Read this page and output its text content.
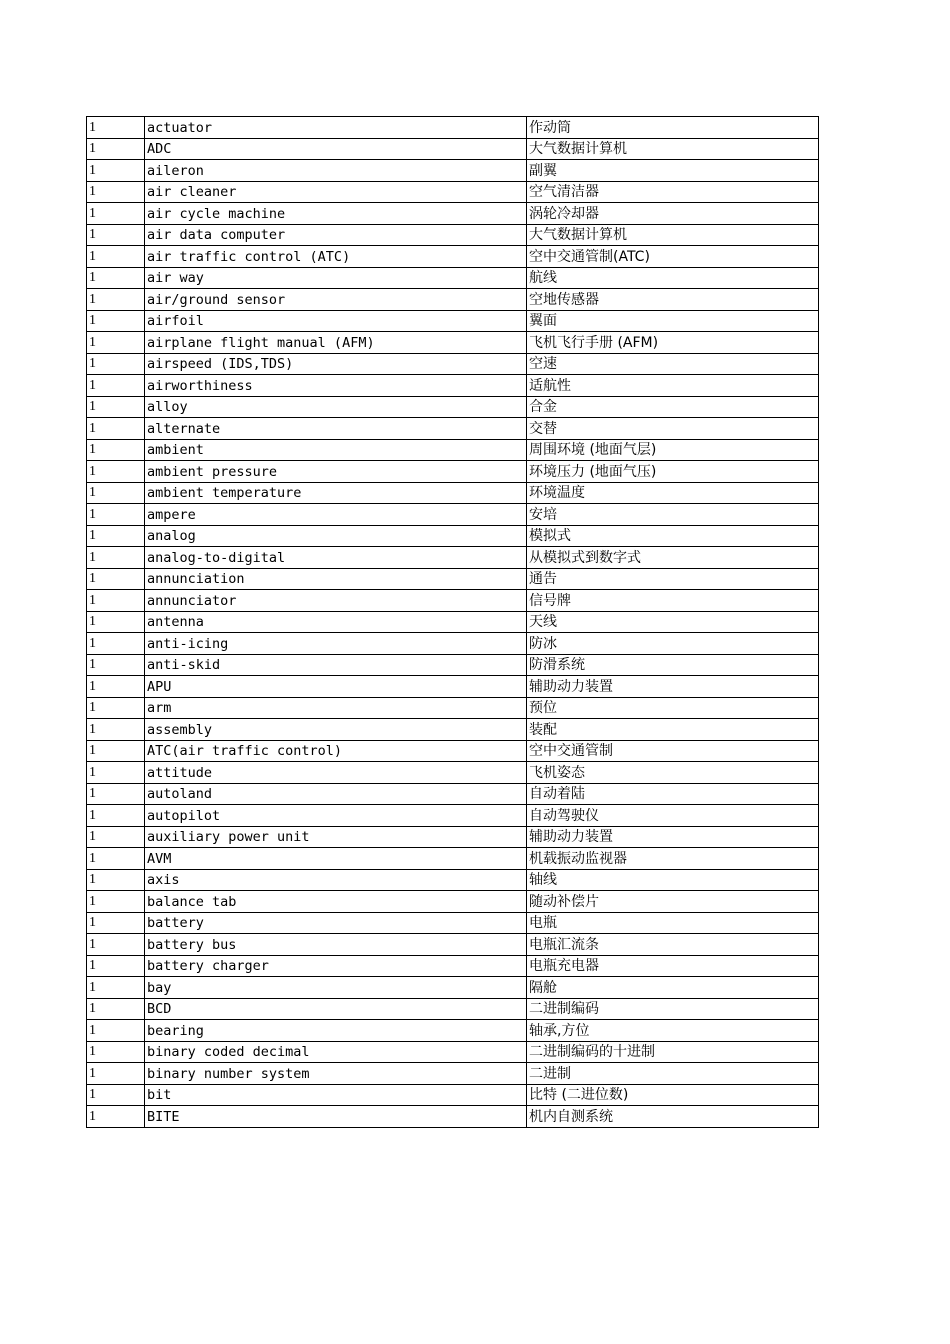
1	actuator	作动筒
1	ADC	大气数据计算机
1	aileron	副翼
1	air cleaner	空气清洁器
1	air cycle machine	涡轮冷却器
1	air data computer	大气数据计算机
1	air traffic control (ATC)	空中交通管制(ATC)
1	air way	航线
1	air/ground sensor	空地传感器
1	airfoil	翼面
1	airplane flight manual (AFM)	飞机飞行手册 (AFM)
1	airspeed (IDS,TDS)	空速
1	airworthiness	适航性
1	alloy	合金
1	alternate	交替
1	ambient	周围环境 (地面气层)
1	ambient pressure	环境压力 (地面气压)
1	ambient temperature	环境温度
1	ampere	安培
1	analog	模拟式
1	analog-to-digital	从模拟式到数字式
1	annunciation	通告
1	annunciator	信号牌
1	antenna	天线
1	anti-icing	防冰
1	anti-skid	防滑系统
1	APU	辅助动力装置
1	arm	预位
1	assembly	装配
1	ATC(air traffic control)	空中交通管制
1	attitude	飞机姿态
1	autoland	自动着陆
1	autopilot	自动驾驶仪
1	auxiliary power unit	辅助动力装置
1	AVM	机载振动监视器
1	axis	轴线
1	balance tab	随动补偿片
1	battery	电瓶
1	battery bus	电瓶汇流条
1	battery charger	电瓶充电器
1	bay	隔舱
1	BCD	二进制编码
1	bearing	轴承,方位
1	binary coded decimal	二进制编码的十进制
1	binary number system	二进制
1	bit	比特 (二进位数)
1	BITE	机内自测系统
